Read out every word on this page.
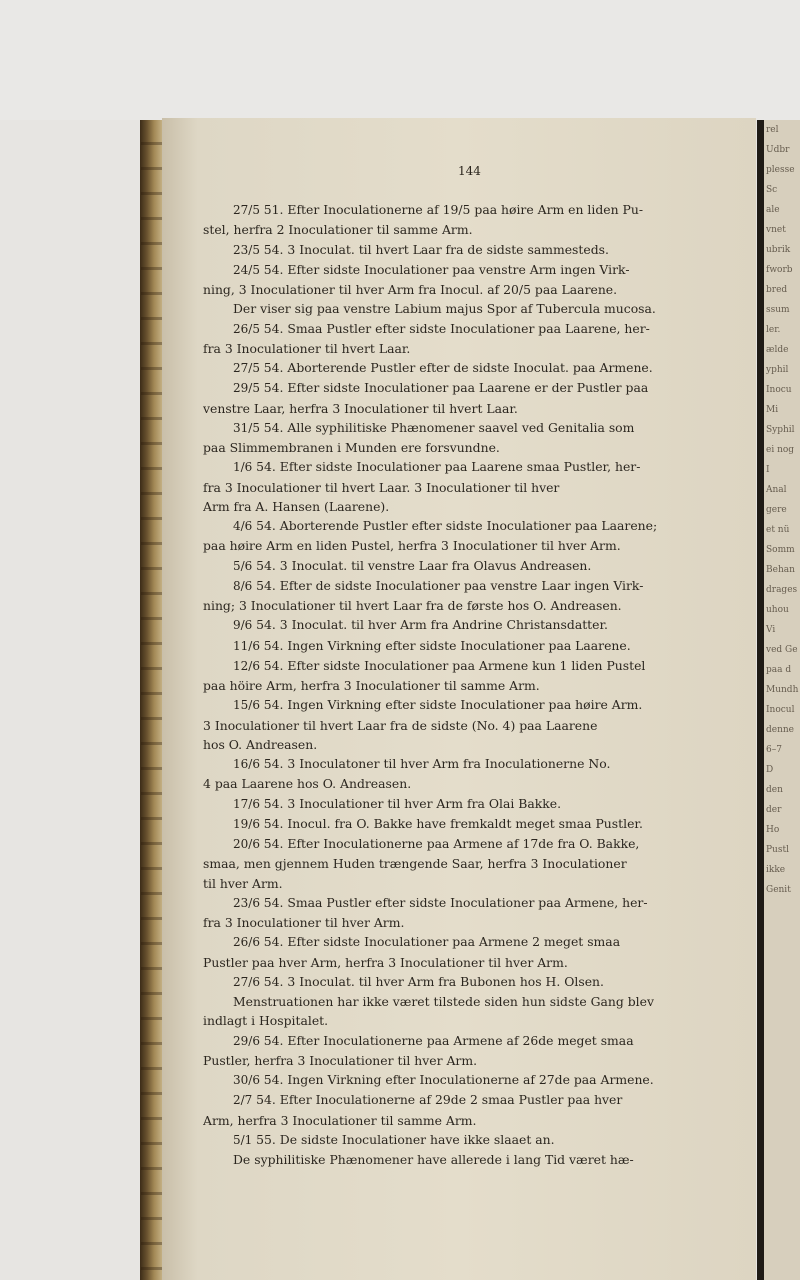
rel
Udbr
plesse
Sc
ale
vnet
ubrik
fworb
bred
ssum
ler.
ælde
yphil
Inocu
Mi
Syphil
ei nog
I
Anal
gere
et nü
Somm
Behan
drages
uhou
Vi
ved Ge
paa d
Mundh
Inocul
denne
6–7
D
den
der
Ho
Pustl
ikke
Genit
144
27/5 51. Efter Inoculationerne af 19/5 paa høire Arm en liden Pu-
stel, herfra 2 Inoculationer til samme Arm.
23/5 54. 3 Inoculat. til hvert Laar fra de sidste sammesteds.
24/5 54. Efter sidste Inoculationer paa venstre Arm ingen Virk-
ning, 3 Inoculationer til hver Arm fra Inocul. af 20/5 paa Laarene.
Der viser sig paa venstre Labium majus Spor af Tubercula mucosa.
26/5 54. Smaa Pustler efter sidste Inoculationer paa Laarene, her-
fra 3 Inoculationer til hvert Laar.
27/5 54. Aborterende Pustler efter de sidste Inoculat. paa Armene.
29/5 54. Efter sidste Inoculationer paa Laarene er der Pustler paa
venstre Laar, herfra 3 Inoculationer til hvert Laar.
31/5 54. Alle syphilitiske Phænomener saavel ved Genitalia som
paa Slimmembranen i Munden ere forsvundne.
1/6 54. Efter sidste Inoculationer paa Laarene smaa Pustler, her-
fra 3 Inoculationer til hvert Laar. 3 Inoculationer til hver
Arm fra A. Hansen (Laarene).
4/6 54. Aborterende Pustler efter sidste Inoculationer paa Laarene;
paa høire Arm en liden Pustel, herfra 3 Inoculationer til hver Arm.
5/6 54. 3 Inoculat. til venstre Laar fra Olavus Andreasen.
8/6 54. Efter de sidste Inoculationer paa venstre Laar ingen Virk-
ning; 3 Inoculationer til hvert Laar fra de første hos O. Andreasen.
9/6 54. 3 Inoculat. til hver Arm fra Andrine Christansdatter.
11/6 54. Ingen Virkning efter sidste Inoculationer paa Laarene.
12/6 54. Efter sidste Inoculationer paa Armene kun 1 liden Pustel
paa höire Arm, herfra 3 Inoculationer til samme Arm.
15/6 54. Ingen Virkning efter sidste Inoculationer paa høire Arm.
3 Inoculationer til hvert Laar fra de sidste (No. 4) paa Laarene
hos O. Andreasen.
16/6 54. 3 Inoculatoner til hver Arm fra Inoculationerne No.
4 paa Laarene hos O. Andreasen.
17/6 54. 3 Inoculationer til hver Arm fra Olai Bakke.
19/6 54. Inocul. fra O. Bakke have fremkaldt meget smaa Pustler.
20/6 54. Efter Inoculationerne paa Armene af 17de fra O. Bakke,
smaa, men gjennem Huden trængende Saar, herfra 3 Inoculationer
til hver Arm.
23/6 54. Smaa Pustler efter sidste Inoculationer paa Armene, her-
fra 3 Inoculationer til hver Arm.
26/6 54. Efter sidste Inoculationer paa Armene 2 meget smaa
Pustler paa hver Arm, herfra 3 Inoculationer til hver Arm.
27/6 54. 3 Inoculat. til hver Arm fra Bubonen hos H. Olsen.
Menstruationen har ikke været tilstede siden hun sidste Gang blev
indlagt i Hospitalet.
29/6 54. Efter Inoculationerne paa Armene af 26de meget smaa
Pustler, herfra 3 Inoculationer til hver Arm.
30/6 54. Ingen Virkning efter Inoculationerne af 27de paa Armene.
2/7 54. Efter Inoculationerne af 29de 2 smaa Pustler paa hver
Arm, herfra 3 Inoculationer til samme Arm.
5/1 55. De sidste Inoculationer have ikke slaaet an.
De syphilitiske Phænomener have allerede i lang Tid været hæ-
